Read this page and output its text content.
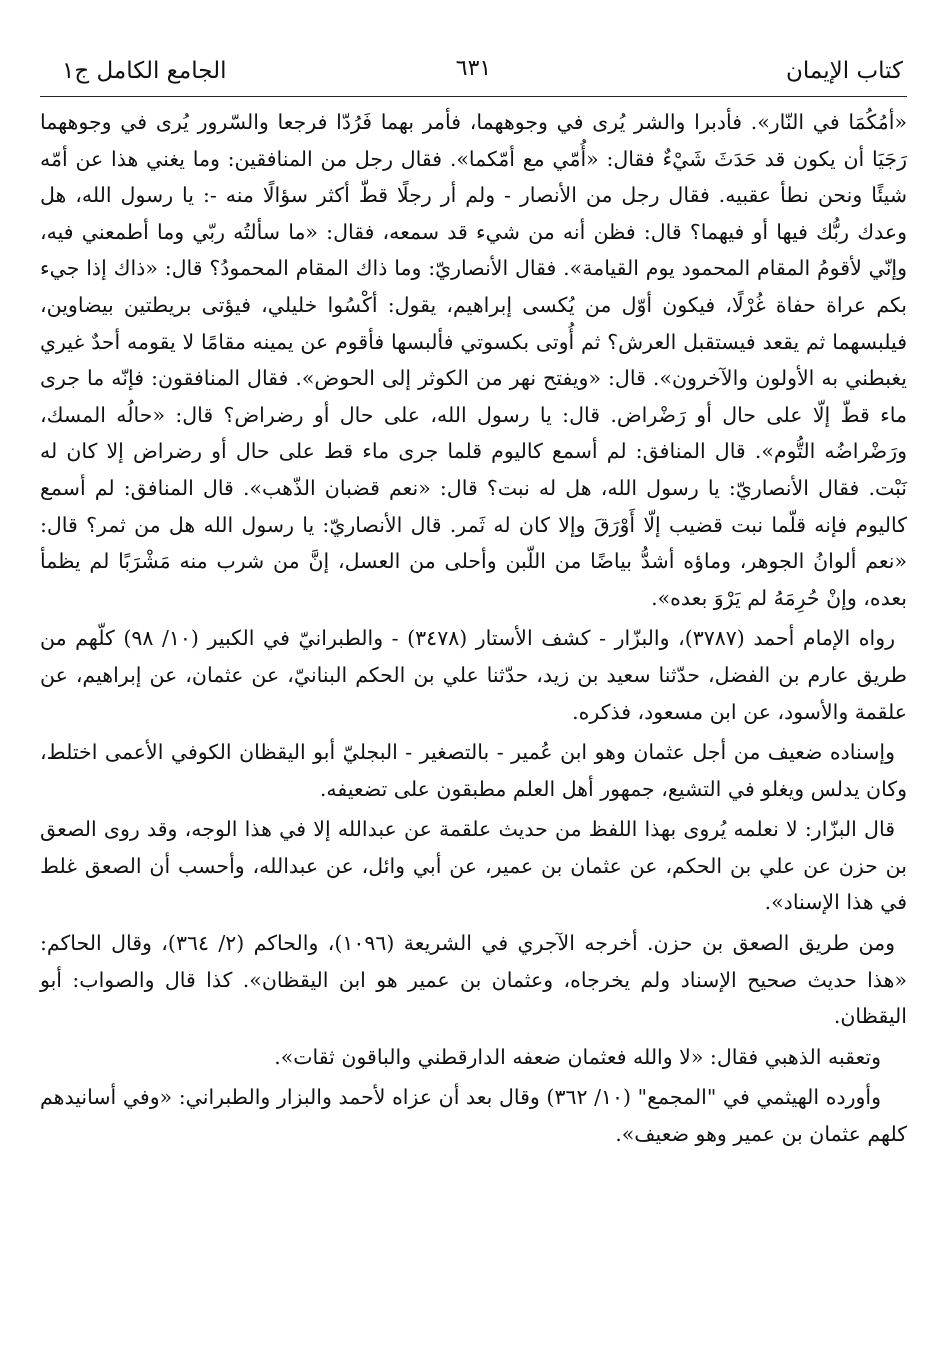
كتاب الإيمان
٦٣١
الجامع الكامل ج١

«أمُكُمَا في النّار». فأدبرا والشر يُرى في وجوههما، فأمر بهما فَرُدّا فرجعا والسّرور يُرى في وجوههما رَجَيَا أن يكون قد حَدَثَ شَيْءٌ فقال: «أُمّي مع أمّكما». فقال رجل من المنافقين: وما يغني هذا عن أمّه شيئًا ونحن نطأ عقبيه. فقال رجل من الأنصار - ولم أر رجلًا قطّ أكثر سؤالًا منه -: يا رسول الله، هل وعدك ربُّك فيها أو فيهما؟ قال: فظن أنه من شيء قد سمعه، فقال: «ما سألتُه ربّي وما أطمعني فيه، وإنّي لأقومُ المقام المحمود يوم القيامة». فقال الأنصاريّ: وما ذاك المقام المحمودُ؟ قال: «ذاك إذا جيء بكم عراة حفاة غُرْلًا، فيكون أوّل من يُكسى إبراهيم، يقول: أكْسُوا خليلي، فيؤتى بريطتين بيضاوين، فيلبسهما ثم يقعد فيستقبل العرش؟ ثم أُوتى بكسوتي فألبسها فأقوم عن يمينه مقامًا لا يقومه أحدٌ غيري يغبطني به الأولون والآخرون». قال: «ويفتح نهر من الكوثر إلى الحوض». فقال المنافقون: فإنّه ما جرى ماء قطّ إلّا على حال أو رَضْراض. قال: يا رسول الله، على حال أو رضراض؟ قال: «حالُه المسك، ورَضْراضُه التُّوم». قال المنافق: لم أسمع كاليوم قلما جرى ماء قط على حال أو رضراض إلا كان له نَبْت. فقال الأنصاريّ: يا رسول الله، هل له نبت؟ قال: «نعم قضبان الذّهب». قال المنافق: لم أسمع كاليوم فإنه قلّما نبت قضيب إلّا أَوْرَقَ وإلا كان له ثَمر. قال الأنصاريّ: يا رسول الله هل من ثمر؟ قال: «نعم ألوانُ الجوهر، وماؤه أشدُّ بياضًا من اللّبن وأحلى من العسل، إنَّ من شرب منه مَشْرَبًا لم يظمأ بعده، وإنْ حُرِمَهُ لم يَرْوَ بعده».

رواه الإمام أحمد (٣٧٨٧)، والبزّار - كشف الأستار (٣٤٧٨) - والطبرانيّ في الكبير (١٠/ ٩٨) كلّهم من طريق عارم بن الفضل، حدّثنا سعيد بن زيد، حدّثنا علي بن الحكم البنانيّ، عن عثمان، عن إبراهيم، عن علقمة والأسود، عن ابن مسعود، فذكره.

وإسناده ضعيف من أجل عثمان وهو ابن عُمير - بالتصغير - البجليّ أبو اليقظان الكوفي الأعمى اختلط، وكان يدلس ويغلو في التشيع، جمهور أهل العلم مطبقون على تضعيفه.

قال البزّار: لا نعلمه يُروى بهذا اللفظ من حديث علقمة عن عبدالله إلا في هذا الوجه، وقد روى الصعق بن حزن عن علي بن الحكم، عن عثمان بن عمير، عن أبي وائل، عن عبدالله، وأحسب أن الصعق غلط في هذا الإسناد».

ومن طريق الصعق بن حزن. أخرجه الآجري في الشريعة (١٠٩٦)، والحاكم (٢/ ٣٦٤)، وقال الحاكم: «هذا حديث صحيح الإسناد ولم يخرجاه، وعثمان بن عمير هو ابن اليقظان». كذا قال والصواب: أبو اليقظان.

وتعقبه الذهبي فقال: «لا والله فعثمان ضعفه الدارقطني والباقون ثقات».

وأورده الهيثمي في "المجمع" (١٠/ ٣٦٢) وقال بعد أن عزاه لأحمد والبزار والطبراني: «وفي أسانيدهم كلهم عثمان بن عمير وهو ضعيف».
